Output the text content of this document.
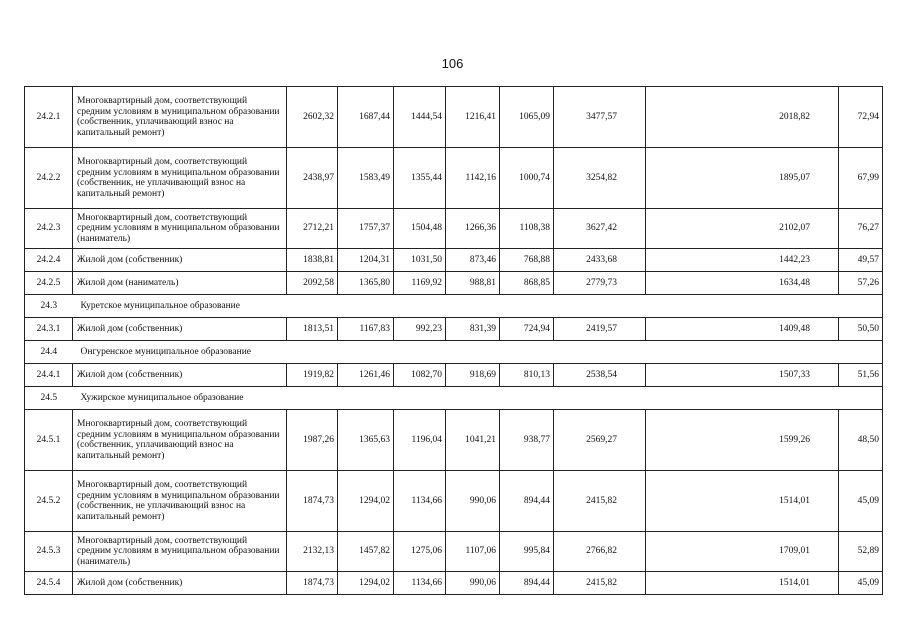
106
24.2.1	Многоквартирный дом, соответствующий средним условиям в муниципальном образовании (собственник, уплачивающий взнос на капитальный ремонт)	2602,32	1687,44	1444,54	1216,41	1065,09	3477,57	2018,82	72,94
24.2.2	Многоквартирный дом, соответствующий средним условиям в муниципальном образовании (собственник, не уплачивающий взнос на капитальный ремонт)	2438,97	1583,49	1355,44	1142,16	1000,74	3254,82	1895,07	67,99
24.2.3	Многоквартирный дом, соответствующий средним условиям в муниципальном образовании (наниматель)	2712,21	1757,37	1504,48	1266,36	1108,38	3627,42	2102,07	76,27
24.2.4	Жилой дом (собственник)	1838,81	1204,31	1031,50	873,46	768,88	2433,68	1442,23	49,57
24.2.5	Жилой дом (наниматель)	2092,58	1365,80	1169,92	988,81	868,85	2779,73	1634,48	57,26
24.3	Куретское муниципальное образование								
24.3.1	Жилой дом (собственник)	1813,51	1167,83	992,23	831,39	724,94	2419,57	1409,48	50,50
24.4	Онгуренское муниципальное образование								
24.4.1	Жилой дом (собственник)	1919,82	1261,46	1082,70	918,69	810,13	2538,54	1507,33	51,56
24.5	Хужирское муниципальное образование								
24.5.1	Многоквартирный дом, соответствующий средним условиям в муниципальном образовании (собственник, уплачивающий взнос на капитальный ремонт)	1987,26	1365,63	1196,04	1041,21	938,77	2569,27	1599,26	48,50
24.5.2	Многоквартирный дом, соответствующий средним условиям в муниципальном образовании (собственник, не уплачивающий взнос на капитальный ремонт)	1874,73	1294,02	1134,66	990,06	894,44	2415,82	1514,01	45,09
24.5.3	Многоквартирный дом, соответствующий средним условиям в муниципальном образовании (наниматель)	2132,13	1457,82	1275,06	1107,06	995,84	2766,82	1709,01	52,89
24.5.4	Жилой дом (собственник)	1874,73	1294,02	1134,66	990,06	894,44	2415,82	1514,01	45,09
